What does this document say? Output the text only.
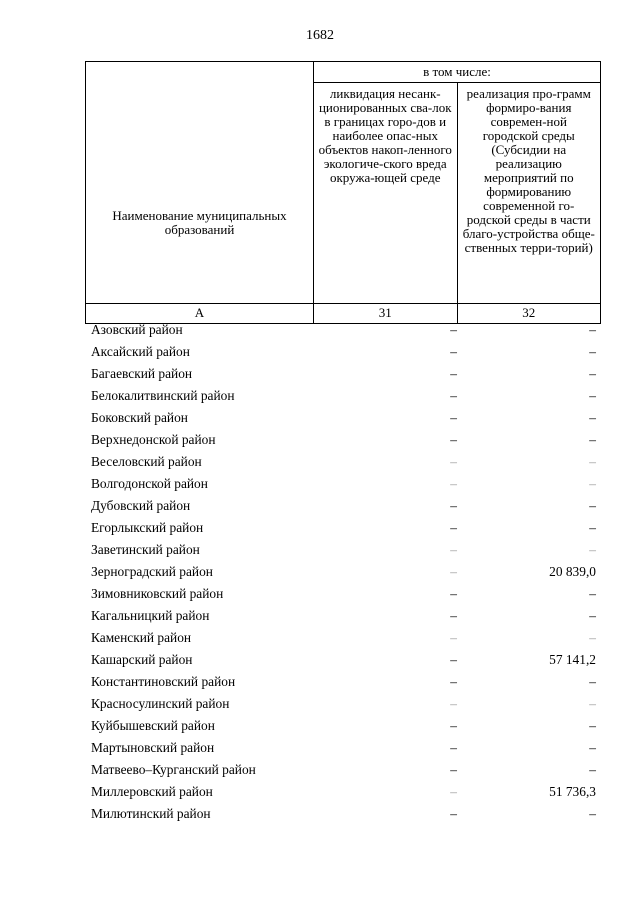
1682
Наименование муниципальных образований	в том числе:	
	ликвидация несанк-ционированных сва-лок в границах горо-дов и наиболее опас-ных объектов накоп-ленного экологиче-ского вреда окружа-ющей среде	реализация про-грамм формиро-вания современ-ной городской среды (Субсидии на реализацию мероприятий по формированию современной го-родской среды в части благо-устройства обще-ственных терри-торий)
А	31	32
Азовский район	–	–
Аксайский район	–	–
Багаевский район	–	–
Белокалитвинский район	–	–
Боковский район	–	–
Верхнедонской район	–	–
Веселовский район	–	–
Волгодонской район	–	–
Дубовский район	–	–
Егорлыкский район	–	–
Заветинский район	–	–
Зерноградский район	–	20 839,0
Зимовниковский район	–	–
Кагальницкий район	–	–
Каменский район	–	–
Кашарский район	–	57 141,2
Константиновский район	–	–
Красносулинский район	–	–
Куйбышевский район	–	–
Мартыновский район	–	–
Матвеево–Курганский район	–	–
Миллеровский район	–	51 736,3
Милютинский район	–	–
